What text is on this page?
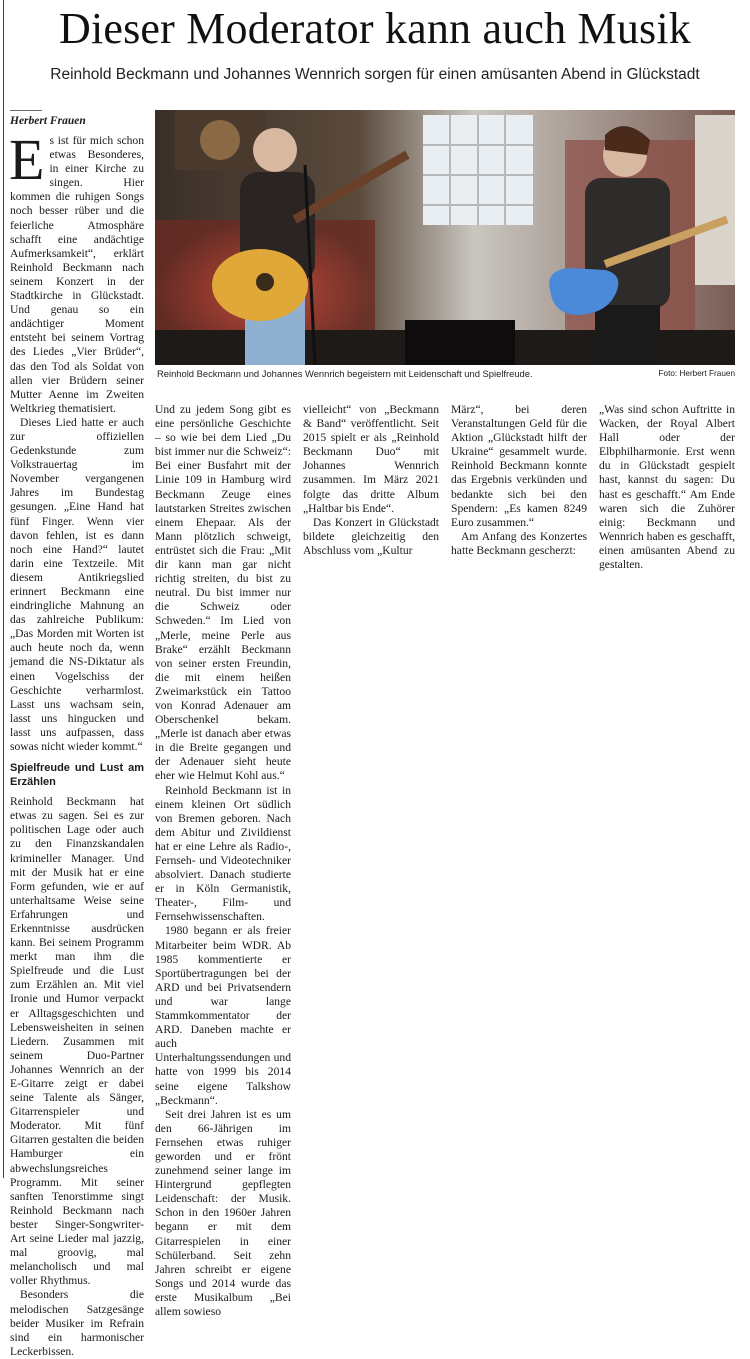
Dieser Moderator kann auch Musik
Reinhold Beckmann und Johannes Wennrich sorgen für einen amüsanten Abend in Glückstadt
Herbert Frauen

Es ist für mich schon etwas Besonderes, in einer Kirche zu singen. Hier kommen die ruhigen Songs noch besser rüber und die feierliche Atmosphäre schafft eine andächtige Aufmerksamkeit“, erklärt Reinhold Beckmann nach seinem Konzert in der Stadtkirche in Glückstadt. Und genau so ein andächtiger Moment entsteht bei seinem Vortrag des Liedes „Vier Brüder“, das den Tod als Soldat von allen vier Brüdern seiner Mutter Aenne im Zweiten Weltkrieg thematisiert.

Dieses Lied hatte er auch zur offiziellen Gedenkstunde zum Volkstrauertag im November vergangenen Jahres im Bundestag gesungen. „Eine Hand hat fünf Finger. Wenn vier davon fehlen, ist es dann noch eine Hand?“ lautet darin eine Textzeile. Mit diesem Antikriegslied erinnert Beckmann eine eindringliche Mahnung an das zahlreiche Publikum: „Das Morden mit Worten ist auch heute noch da, wenn jemand die NS-Diktatur als einen Vogelschiss der Geschichte verharmlost. Lasst uns wachsam sein, lasst uns hingucken und lasst uns aufpassen, dass sowas nicht wieder kommt.“

Spielfreude und Lust am Erzählen

Reinhold Beckmann hat etwas zu sagen. Sei es zur politischen Lage oder auch zu den Finanzskandalen krimineller Manager. Und mit der Musik hat er eine Form gefunden, wie er auf unterhaltsame Weise seine Erfahrungen und Erkenntnisse ausdrücken kann. Bei seinem Programm merkt man ihm die Spielfreude und die Lust zum Erzählen an. Mit viel Ironie und Humor verpackt er Alltagsgeschichten und Lebensweisheiten in seinen Liedern. Zusammen mit seinem Duo-Partner Johannes Wennrich an der E-Gitarre zeigt er dabei seine Talente als Sänger, Gitarrenspieler und Moderator. Mit fünf Gitarren gestalten die beiden Hamburger ein abwechslungsreiches Programm. Mit seiner sanften Tenorstimme singt Reinhold Beckmann nach bester Singer-Songwriter-Art seine Lieder mal jazzig, mal groovig, mal melancholisch und mal voller Rhythmus.

Besonders die melodischen Satzgesänge beider Musiker im Refrain sind ein harmonischer Leckerbissen.

Reinhold Beckmann und Johannes Wennrich begeistern mit Leidenschaft und Spielfreude.	Foto: Herbert Frauen

Und zu jedem Song gibt es eine persönliche Geschichte – so wie bei dem Lied „Du bist immer nur die Schweiz“: Bei einer Busfahrt mit der Linie 109 in Hamburg wird Beckmann Zeuge eines lautstarken Streites zwischen einem Ehepaar. Als der Mann plötzlich schweigt, entrüstet sich die Frau: „Mit dir kann man gar nicht richtig streiten, du bist zu neutral. Du bist immer nur die Schweiz oder Schweden.“ Im Lied von „Merle, meine Perle aus Brake“ erzählt Beckmann von seiner ersten Freundin, die mit einem heißen Zweimarkstück ein Tattoo von Konrad Adenauer am Oberschenkel bekam. „Merle ist danach aber etwas in die Breite gegangen und der Adenauer sieht heute eher wie Helmut Kohl aus.“

Reinhold Beckmann ist in einem kleinen Ort südlich von Bremen geboren. Nach dem Abitur und Zivildienst hat er eine Lehre als Radio-, Fernseh- und Videotechniker absolviert. Danach studierte er in Köln Germanistik, Theater-, Film- und Fernsehwissenschaften.

1980 begann er als freier Mitarbeiter beim WDR. Ab 1985 kommentierte er Sportübertragungen bei der ARD und bei Privatsendern und war lange Stammkommentator der ARD. Daneben machte er auch Unterhaltungssendungen und hatte von 1999 bis 2014 seine eigene Talkshow „Beckmann“.

Seit drei Jahren ist es um den 66-Jährigen im Fernsehen etwas ruhiger geworden und er frönt zunehmend seiner lange im Hintergrund gepflegten Leidenschaft: der Musik. Schon in den 1960er Jahren begann er mit dem Gitarrespielen in einer Schülerband. Seit zehn Jahren schreibt er eigene Songs und 2014 wurde das erste Musikalbum „Bei allem sowieso

vielleicht“ von „Beckmann & Band“ veröffentlicht. Seit 2015 spielt er als „Reinhold Beckmann Duo“ mit Johannes Wennrich zusammen. Im März 2021 folgte das dritte Album „Haltbar bis Ende“.

Das Konzert in Glückstadt bildete gleichzeitig den Abschluss vom „Kultur

März“, bei deren Veranstaltungen Geld für die Aktion „Glückstadt hilft der Ukraine“ gesammelt wurde. Reinhold Beckmann konnte das Ergebnis verkünden und bedankte sich bei den Spendern: „Es kamen 8249 Euro zusammen.“

Am Anfang des Konzertes hatte Beckmann gescherzt:

„Was sind schon Auftritte in Wacken, der Royal Albert Hall oder der Elbphilharmonie. Erst wenn du in Glückstadt gespielt hast, kannst du sagen: Du hast es geschafft.“ Am Ende waren sich die Zuhörer einig: Beckmann und Wennrich haben es geschafft, einen amüsanten Abend zu gestalten.
